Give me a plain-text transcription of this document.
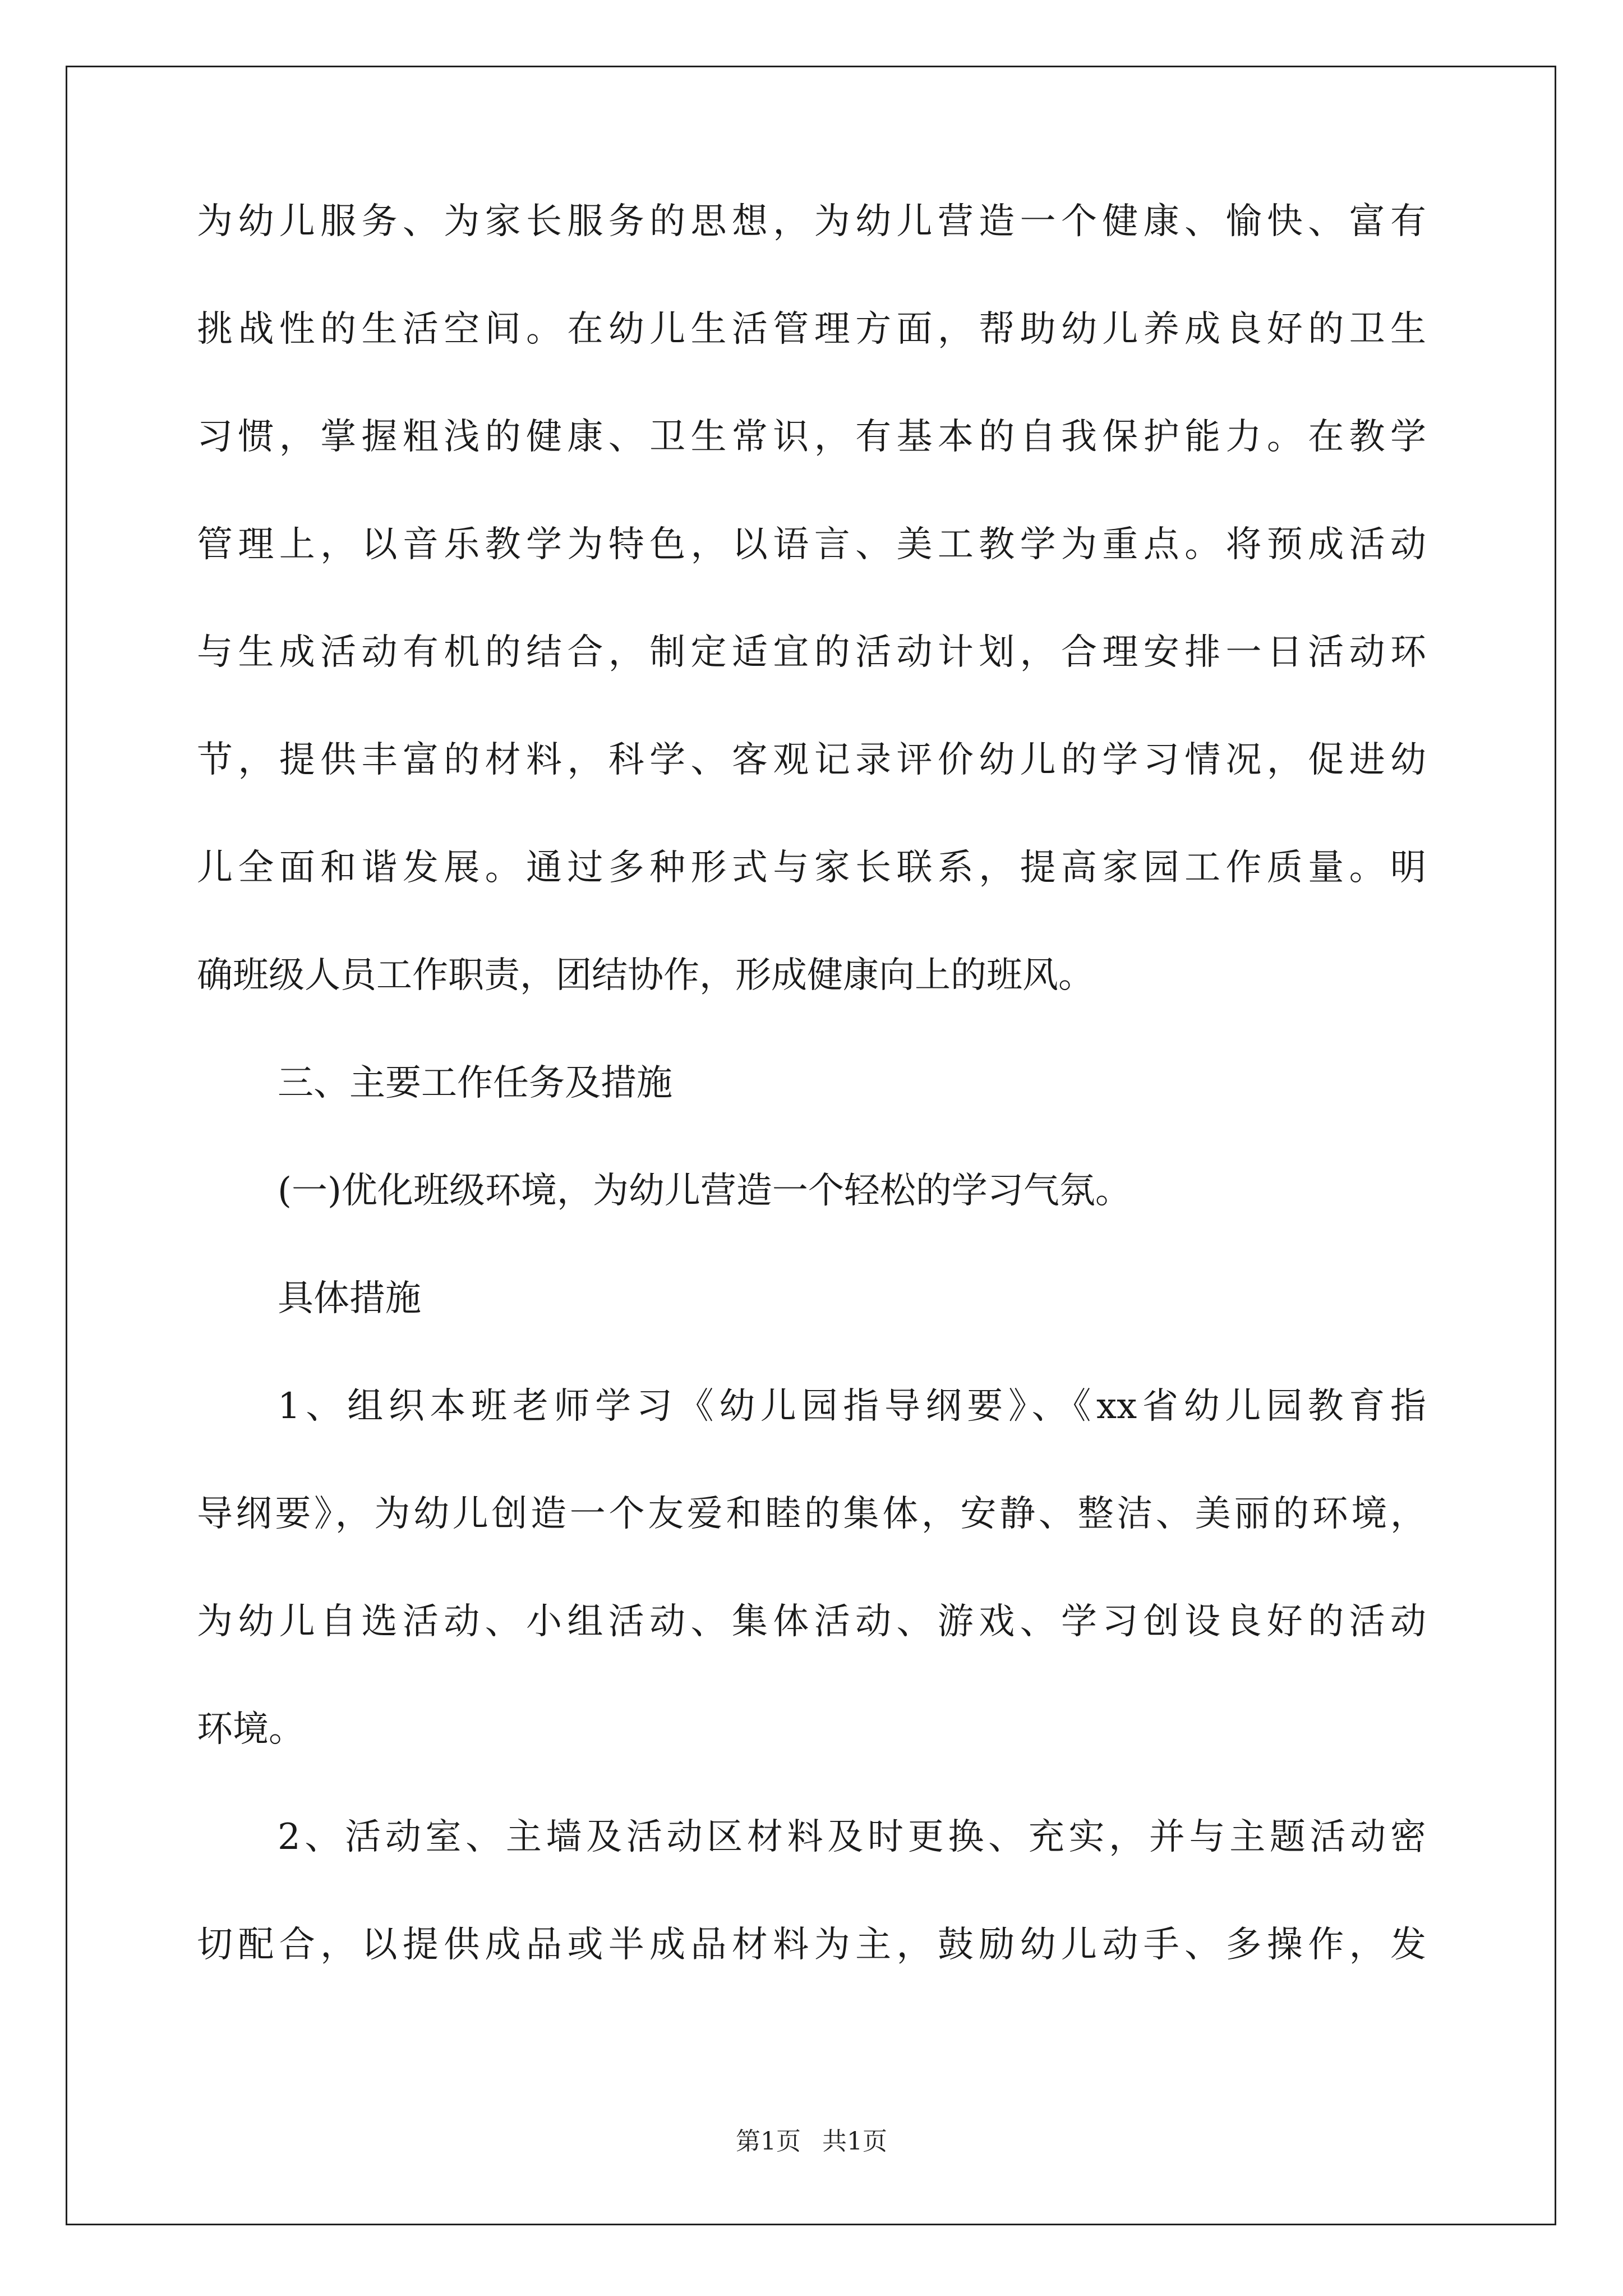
为幼儿服务、为家长服务的思想，为幼儿营造一个健康、愉快、富有
挑战性的生活空间。在幼儿生活管理方面，帮助幼儿养成良好的卫生
习惯，掌握粗浅的健康、卫生常识，有基本的自我保护能力。在教学
管理上，以音乐教学为特色，以语言、美工教学为重点。将预成活动
与生成活动有机的结合，制定适宜的活动计划，合理安排一日活动环
节，提供丰富的材料，科学、客观记录评价幼儿的学习情况，促进幼
儿全面和谐发展。通过多种形式与家长联系，提高家园工作质量。明
确班级人员工作职责，团结协作，形成健康向上的班风。
三、主要工作任务及措施
(一)优化班级环境，为幼儿营造一个轻松的学习气氛。
具体措施
1、组织本班老师学习《幼儿园指导纲要》、《xx省幼儿园教育指
导纲要》，为幼儿创造一个友爱和睦的集体，安静、整洁、美丽的环境，
为幼儿自选活动、小组活动、集体活动、游戏、学习创设良好的活动
环境。
2、活动室、主墙及活动区材料及时更换、充实，并与主题活动密
切配合，以提供成品或半成品材料为主，鼓励幼儿动手、多操作，发
第1页 共1页
